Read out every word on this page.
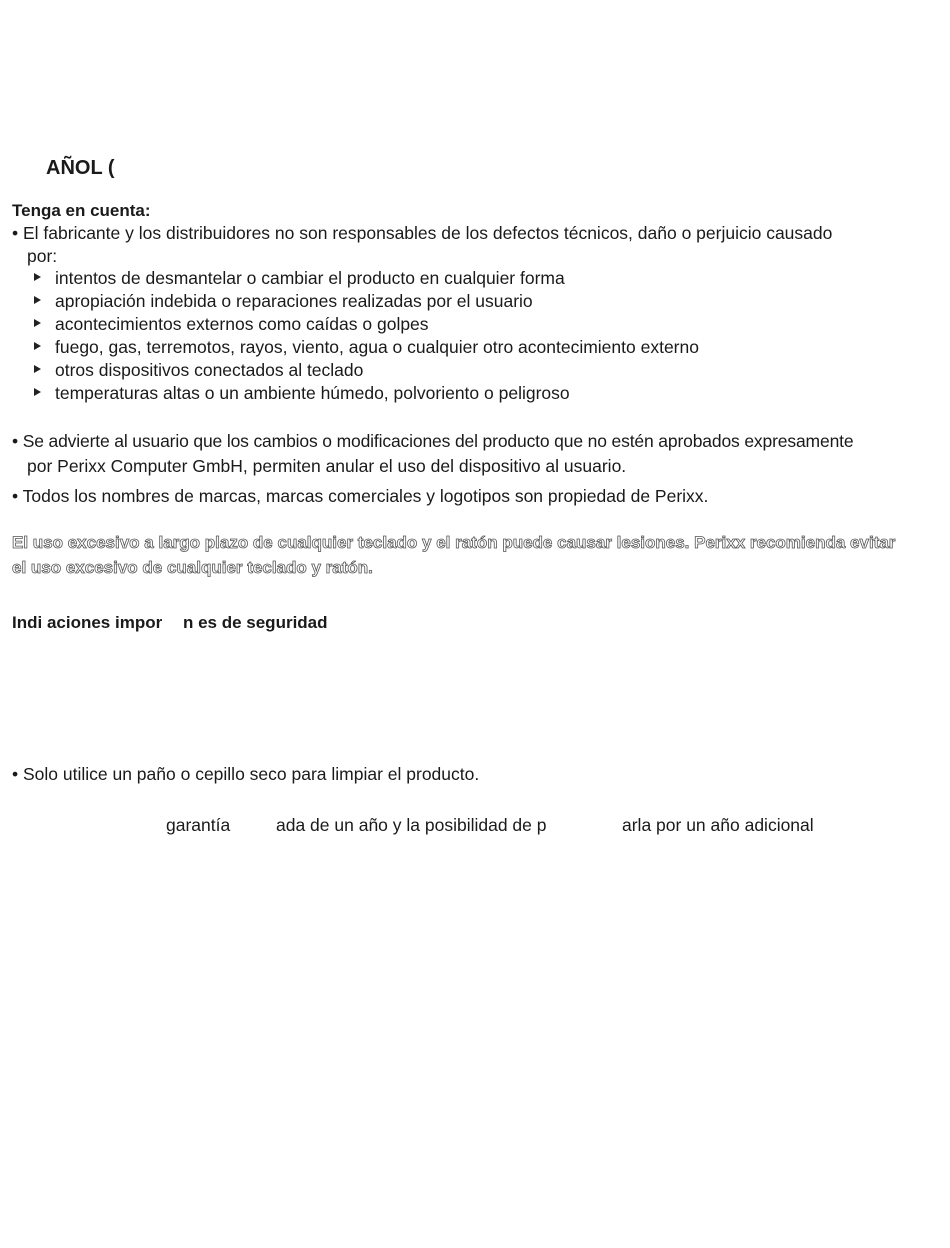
AÑOL (
Tenga en cuenta:
• El fabricante y los distribuidores no son responsables de los defectos técnicos, daño o perjuicio causado
por:
intentos de desmantelar o cambiar el producto en cualquier forma
apropiación indebida o reparaciones realizadas por el usuario
acontecimientos externos como caídas o golpes
fuego, gas, terremotos, rayos, viento, agua o cualquier otro acontecimiento externo
otros dispositivos conectados al teclado
temperaturas altas o un ambiente húmedo, polvoriento o peligroso
• Se advierte al usuario que los cambios o modificaciones del producto que no estén aprobados expresamente
por Perixx Computer GmbH, permiten anular el uso del dispositivo al usuario.
• Todos los nombres de marcas, marcas comerciales y logotipos son propiedad de Perixx.
El uso excesivo a largo plazo de cualquier teclado y el ratón puede causar lesiones. Perixx recomienda evitar
el uso excesivo de cualquier teclado y ratón.
Indi aciones impor n es de seguridad
• Solo utilice un paño o cepillo seco para limpiar el producto.
garantía	ada de un año y la posibilidad de p	arla por un año adicional
